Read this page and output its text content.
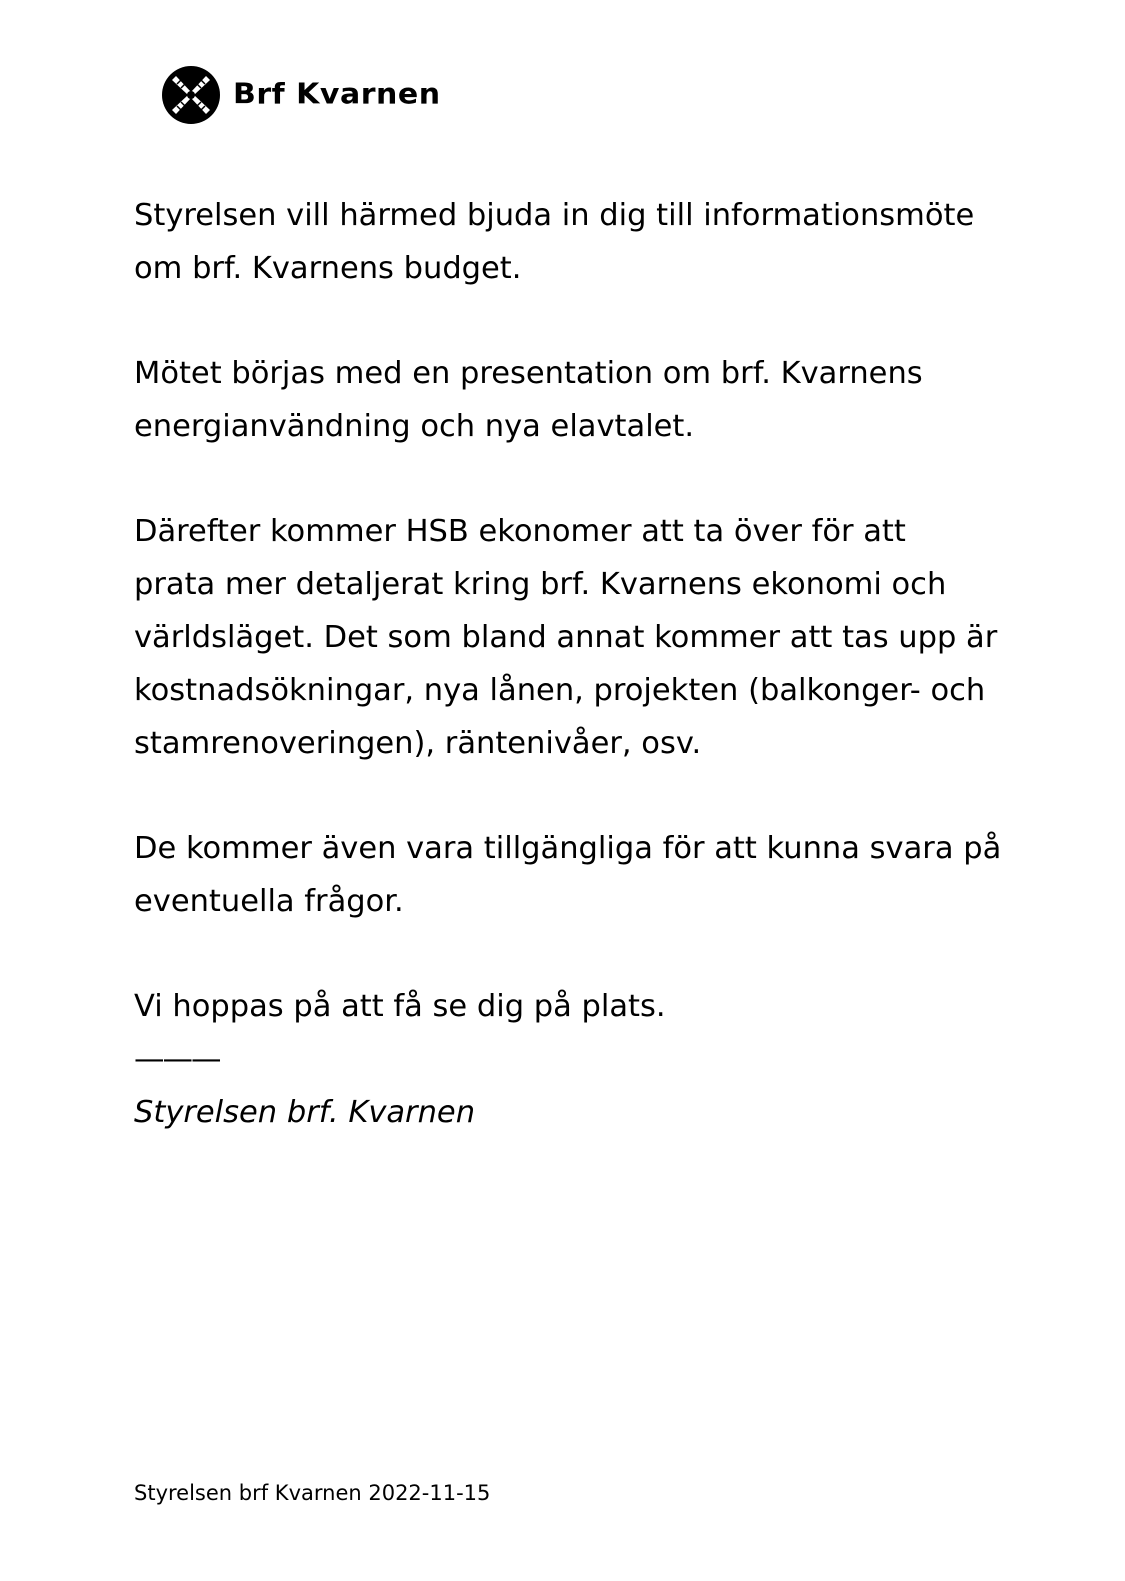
Brf Kvarnen

Styrelsen vill härmed bjuda in dig till informationsmöte
om brf. Kvarnens budget.

Mötet börjas med en presentation om brf. Kvarnens
energianvändning och nya elavtalet.

Därefter kommer HSB ekonomer att ta över för att
prata mer detaljerat kring brf. Kvarnens ekonomi och
världsläget. Det som bland annat kommer att tas upp är
kostnadsökningar, nya lånen, projekten (balkonger- och
stamrenoveringen), räntenivåer, osv.

De kommer även vara tillgängliga för att kunna svara på
eventuella frågor.

Vi hoppas på att få se dig på plats.

———

Styrelsen brf. Kvarnen

Styrelsen brf Kvarnen 2022-11-15
